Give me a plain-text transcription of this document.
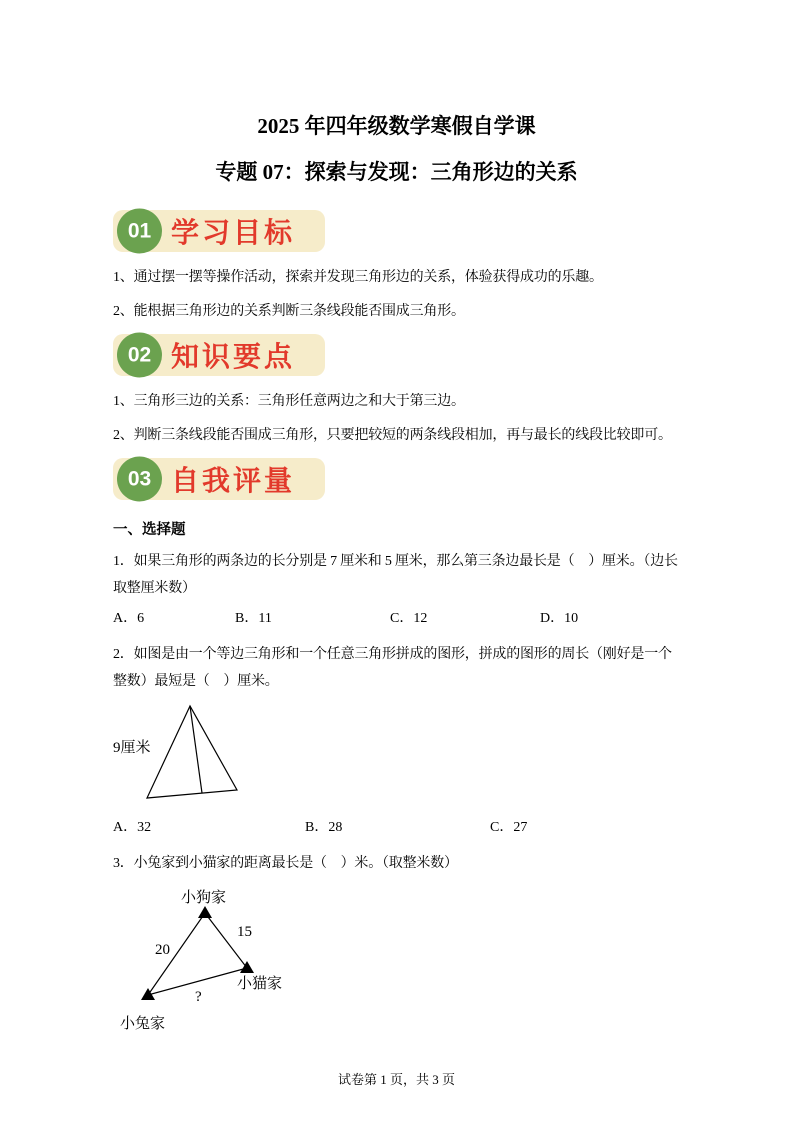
2025 年四年级数学寒假自学课
专题 07：探索与发现：三角形边的关系
01 学习目标

1、通过摆一摆等操作活动，探索并发现三角形边的关系，体验获得成功的乐趣。

2、能根据三角形边的关系判断三条线段能否围成三角形。

02 知识要点

1、三角形三边的关系：三角形任意两边之和大于第三边。

2、判断三条线段能否围成三角形，只要把较短的两条线段相加，再与最长的线段比较即可。

03 自我评量
一、选择题

1．如果三角形的两条边的长分别是 7 厘米和 5 厘米，那么第三条边最长是（　）厘米。（边长取整厘米数）

A．6	B．11	C．12	D．10

2．如图是由一个等边三角形和一个任意三角形拼成的图形，拼成的图形的周长（刚好是一个整数）最短是（　）厘米。

9厘米
A．32	B．28	C．27

3．小兔家到小猫家的距离最长是（　）米。（取整米数）

小狗家
15
20
小猫家
?
小兔家
试卷第 1 页，共 3 页
